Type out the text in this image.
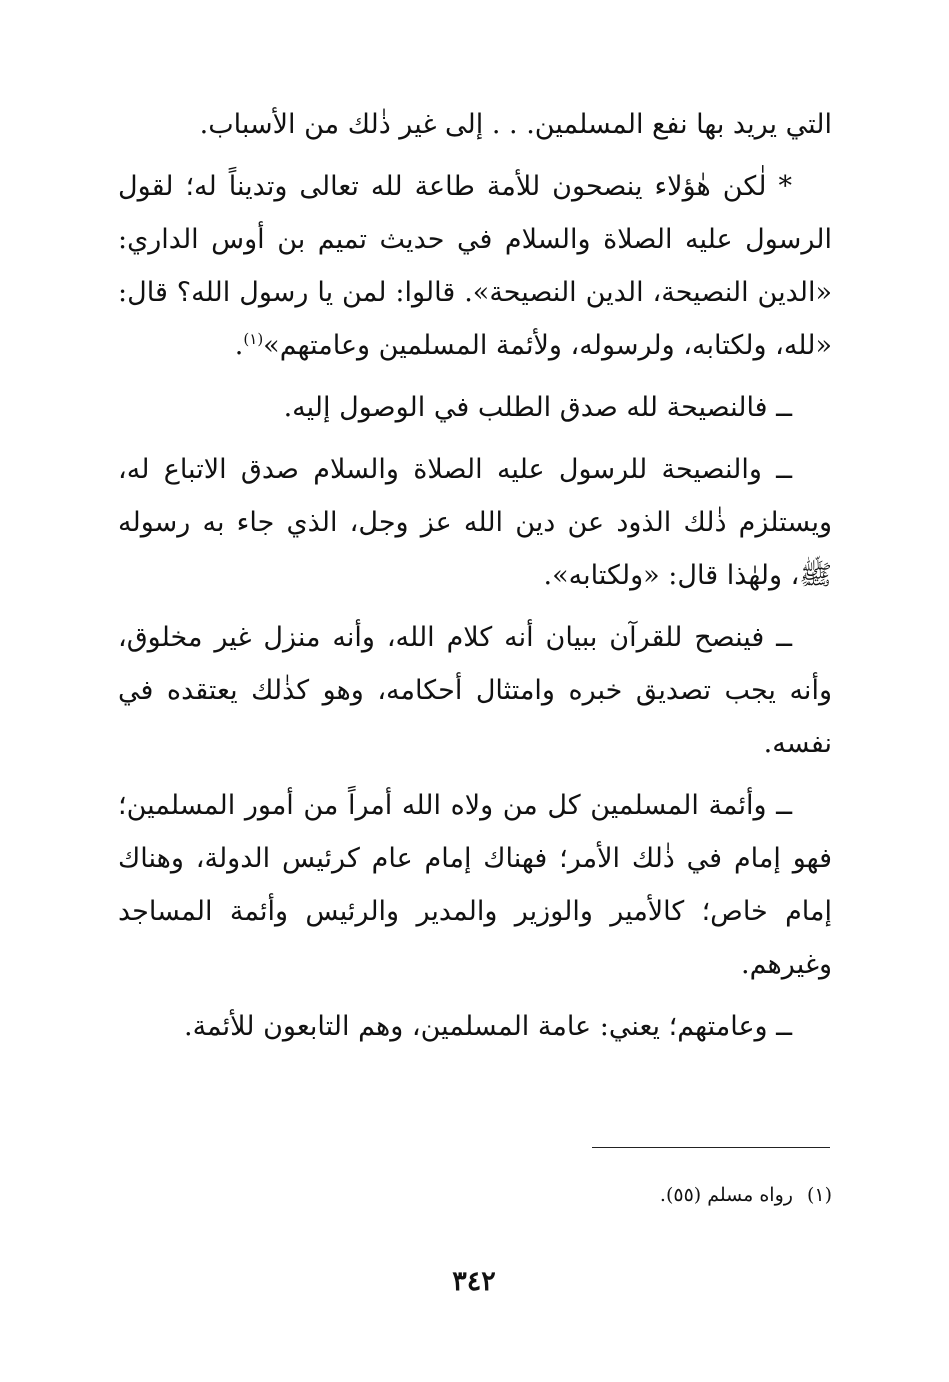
التي يريد بها نفع المسلمين. . . إلى غير ذٰلك من الأسباب.

* لٰكن هٰؤلاء ينصحون للأمة طاعة لله تعالى وتديناً له؛ لقول الرسول عليه الصلاة والسلام في حديث تميم بن أوس الداري: «الدين النصيحة، الدين النصيحة». قالوا: لمن يا رسول الله؟ قال: «لله، ولكتابه، ولرسوله، ولأئمة المسلمين وعامتهم»$^{(١)}$.

ــ فالنصيحة لله صدق الطلب في الوصول إليه.

ــ والنصيحة للرسول عليه الصلاة والسلام صدق الاتباع له، ويستلزم ذٰلك الذود عن دين الله عز وجل، الذي جاء به رسوله ﷺ، ولهٰذا قال: «ولكتابه».

ــ فينصح للقرآن ببيان أنه كلام الله، وأنه منزل غير مخلوق، وأنه يجب تصديق خبره وامتثال أحكامه، وهو كذٰلك يعتقده في نفسه.

ــ وأئمة المسلمين كل من ولاه الله أمراً من أمور المسلمين؛ فهو إمام في ذٰلك الأمر؛ فهناك إمام عام كرئيس الدولة، وهناك إمام خاص؛ كالأمير والوزير والمدير والرئيس وأئمة المساجد وغيرهم.

ــ وعامتهم؛ يعني: عامة المسلمين، وهم التابعون للأئمة.

(١)رواه مسلم (٥٥).
٣٤٢
